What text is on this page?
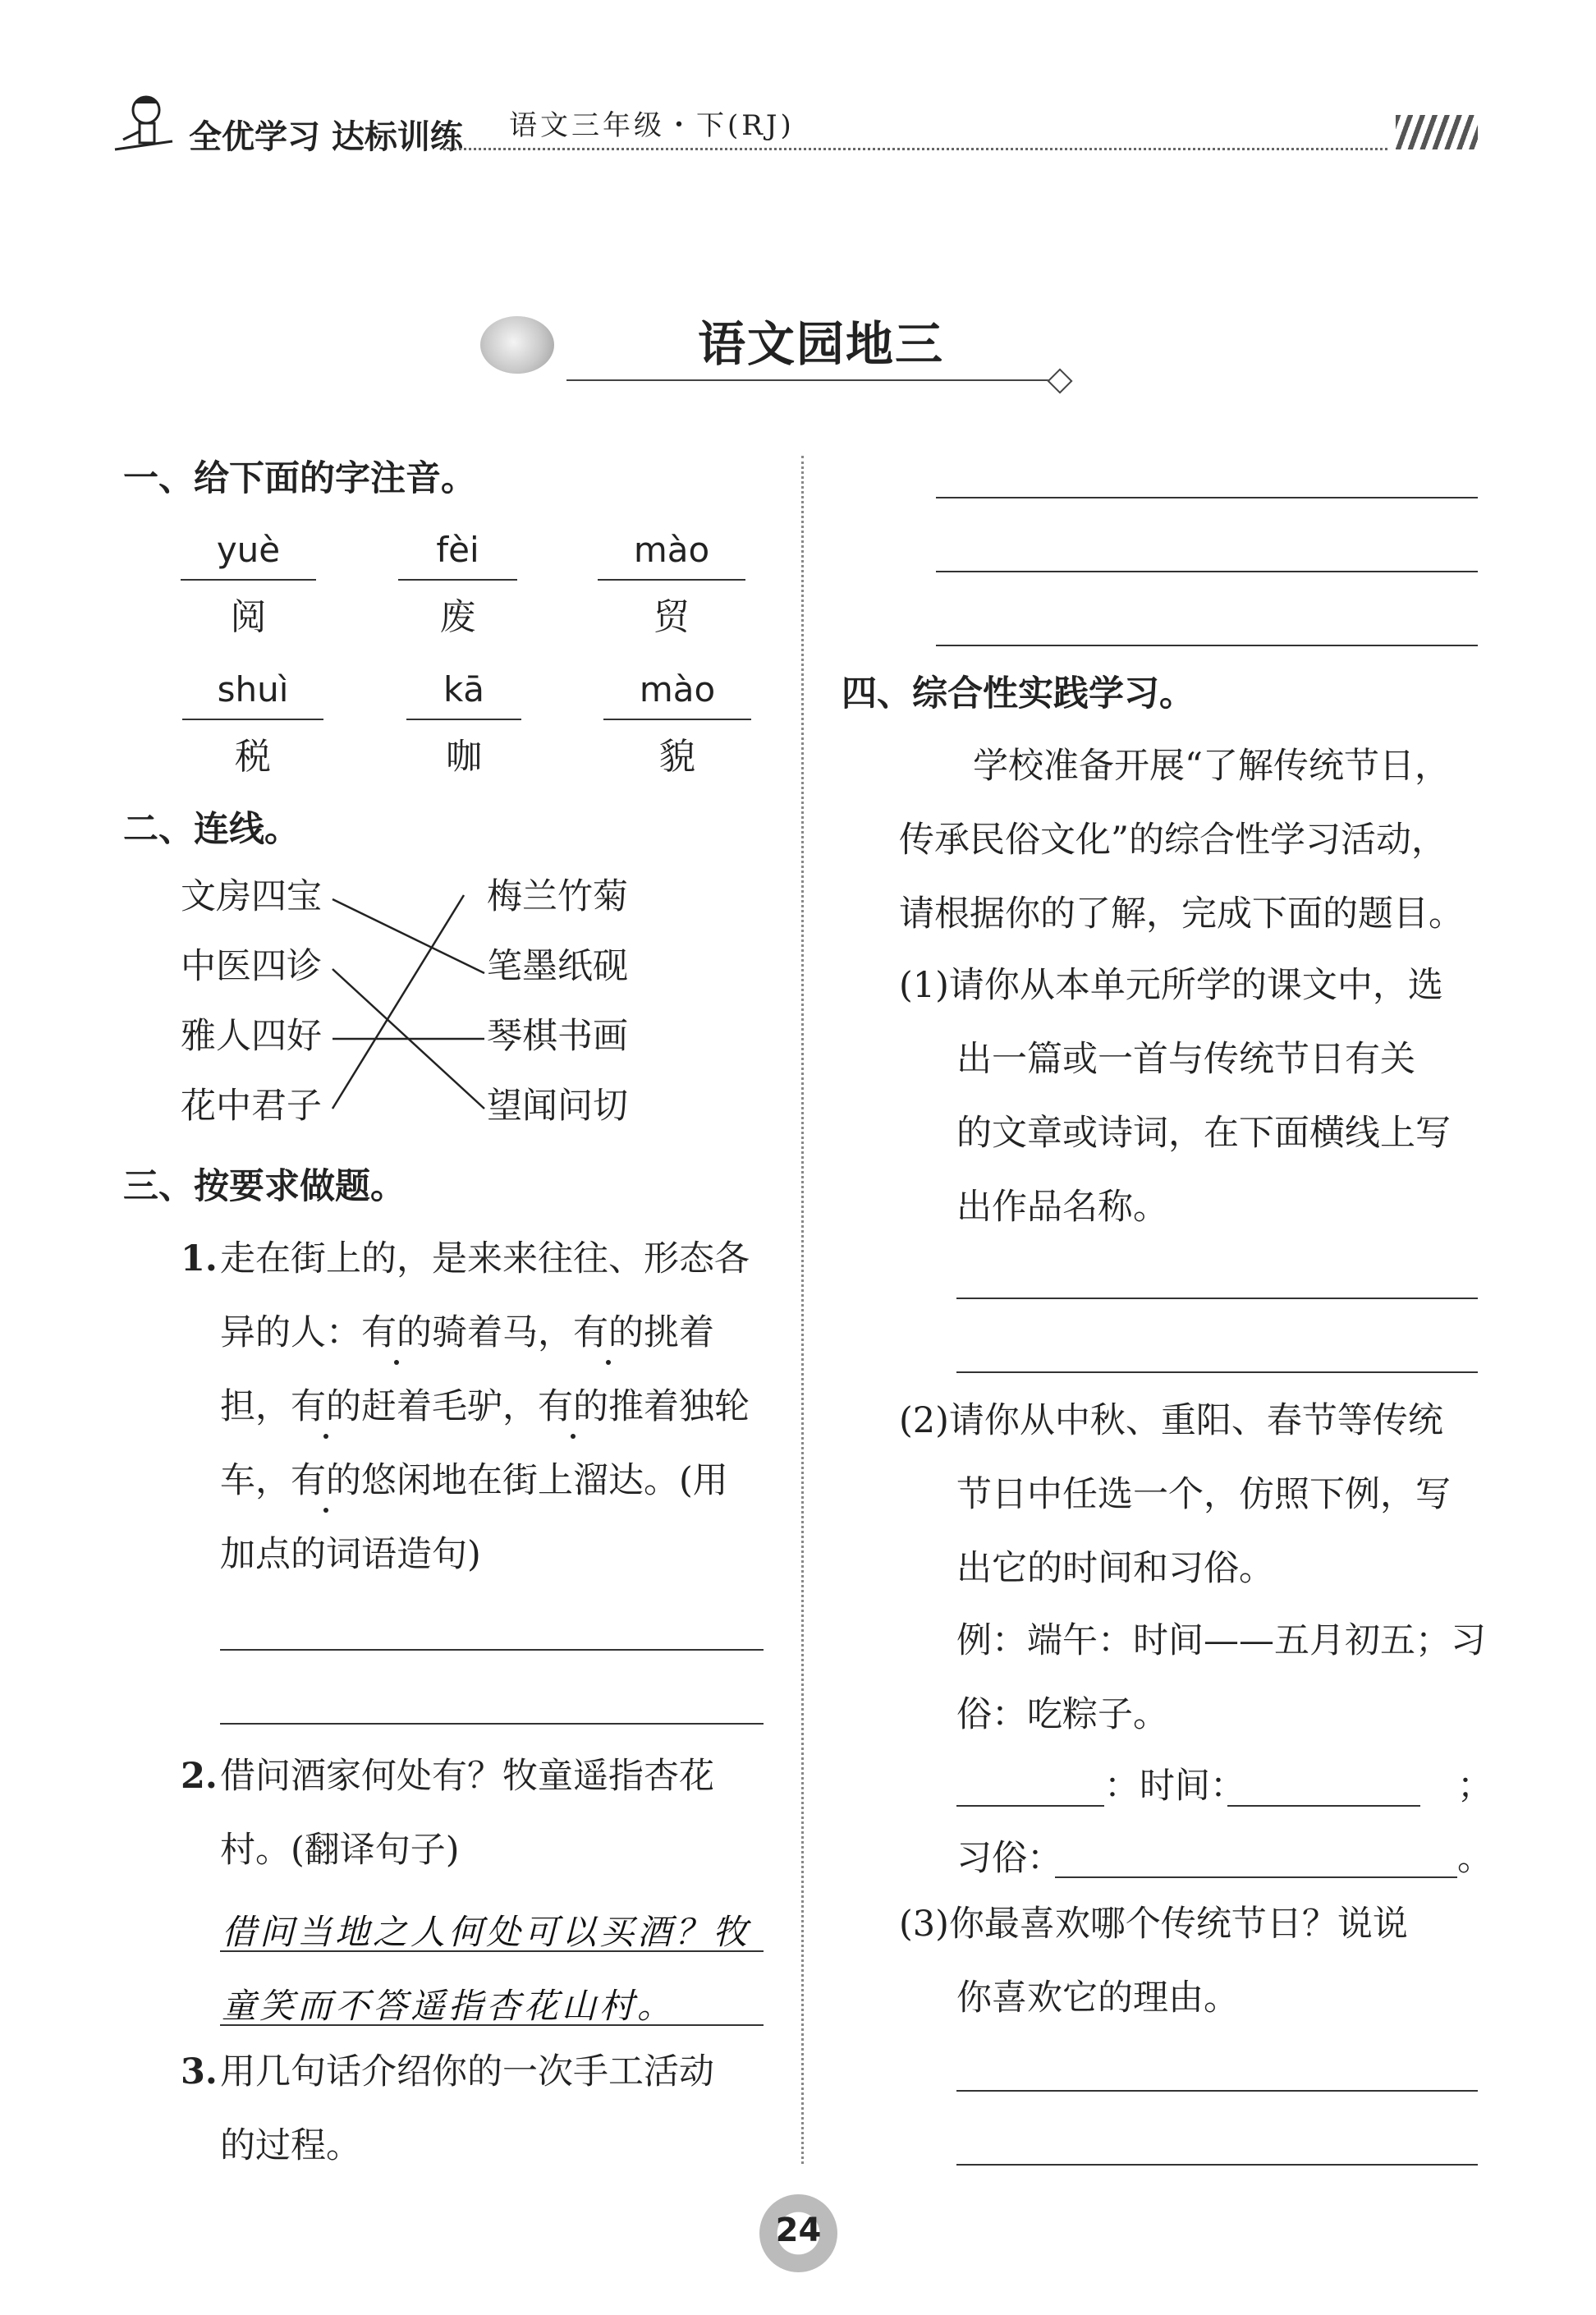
全优学习 达标训练 语文三年级・下(RJ)
语文园地三
一、给下面的字注音。
yuè
阅
fèi
废
mào
贸
shuì
税
kā
咖
mào
貌
二、连线。
文房四宝
中医四诊
雅人四好
花中君子
梅兰竹菊
笔墨纸砚
琴棋书画
望闻问切
三、按要求做题。
1. 走在街上的，是来来往往、形态各
异的人：有的骑着马，有的挑着
担，有的赶着毛驴，有的推着独轮
车，有的悠闲地在街上溜达。(用
加点的词语造句)
2. 借问酒家何处有？牧童遥指杏花
村。(翻译句子)
借问当地之人何处可以买酒？牧
童笑而不答遥指杏花山村。
3. 用几句话介绍你的一次手工活动
的过程。
四、综合性实践学习。
学校准备开展“了解传统节日，
传承民俗文化”的综合性学习活动，
请根据你的了解，完成下面的题目。
(1)请你从本单元所学的课文中，选
出一篇或一首与传统节日有关
的文章或诗词，在下面横线上写
出作品名称。
(2)请你从中秋、重阳、春节等传统
节日中任选一个，仿照下例，写
出它的时间和习俗。
例：端午：时间——五月初五；习
俗：吃粽子。
：时间：	；
习俗：	。
(3)你最喜欢哪个传统节日？说说
你喜欢它的理由。
24
